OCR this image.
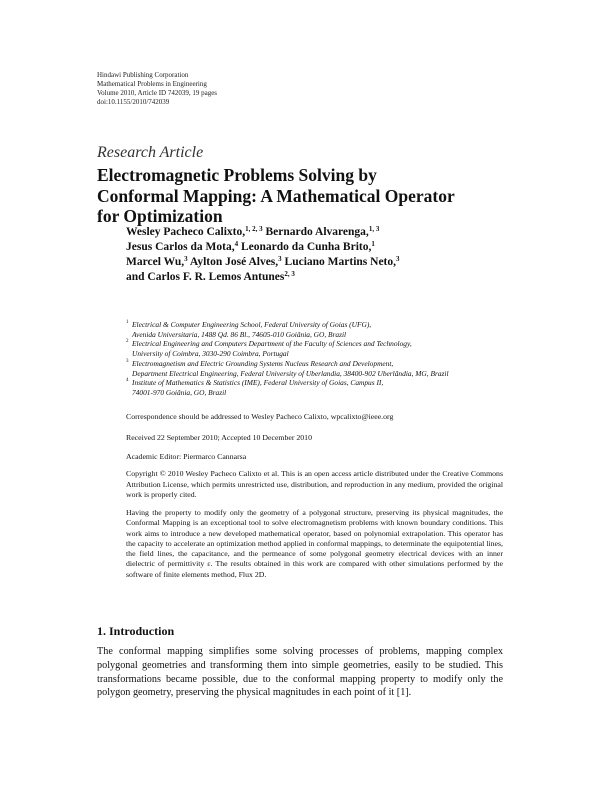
Hindawi Publishing Corporation
Mathematical Problems in Engineering
Volume 2010, Article ID 742039, 19 pages
doi:10.1155/2010/742039
Research Article
Electromagnetic Problems Solving by
Conformal Mapping: A Mathematical Operator
for Optimization
Wesley Pacheco Calixto,$^{1, 2, 3}$ Bernardo Alvarenga,$^{1, 3}$
Jesus Carlos da Mota,$^4$ Leonardo da Cunha Brito,$^1$
Marcel Wu,$^3$ Aylton José Alves,$^3$ Luciano Martins Neto,$^3$
and Carlos F. R. Lemos Antunes$^{2, 3}$
1 Electrical & Computer Engineering School, Federal University of Goias (UFG),
Avenida Universitaria, 1488 Qd. 86 Bl., 74605-010 Goiânia, GO, Brazil
2 Electrical Engineering and Computers Department of the Faculty of Sciences and Technology,
University of Coimbra, 3030-290 Coimbra, Portugal
3 Electromagnetism and Electric Grounding Systems Nucleus Research and Development,
Department Electrical Engineering, Federal University of Uberlandia, 38400-902 Uberlândia, MG, Brazil
4 Institute of Mathematics & Statistics (IME), Federal University of Goias, Campus II,
74001-970 Goiânia, GO, Brazil
Correspondence should be addressed to Wesley Pacheco Calixto, wpcalixto@ieee.org
Received 22 September 2010; Accepted 10 December 2010
Academic Editor: Piermarco Cannarsa
Copyright © 2010 Wesley Pacheco Calixto et al. This is an open access article distributed under the Creative Commons Attribution License, which permits unrestricted use, distribution, and reproduction in any medium, provided the original work is properly cited.
Having the property to modify only the geometry of a polygonal structure, preserving its physical magnitudes, the Conformal Mapping is an exceptional tool to solve electromagnetism problems with known boundary conditions. This work aims to introduce a new developed mathematical operator, based on polynomial extrapolation. This operator has the capacity to accelerate an optimization method applied in conformal mappings, to determinate the equipotential lines, the field lines, the capacitance, and the permeance of some polygonal geometry electrical devices with an inner dielectric of permittivity ε. The results obtained in this work are compared with other simulations performed by the software of finite elements method, Flux 2D.
1. Introduction
The conformal mapping simplifies some solving processes of problems, mapping complex polygonal geometries and transforming them into simple geometries, easily to be studied. This transformations became possible, due to the conformal mapping property to modify only the polygon geometry, preserving the physical magnitudes in each point of it [1].
